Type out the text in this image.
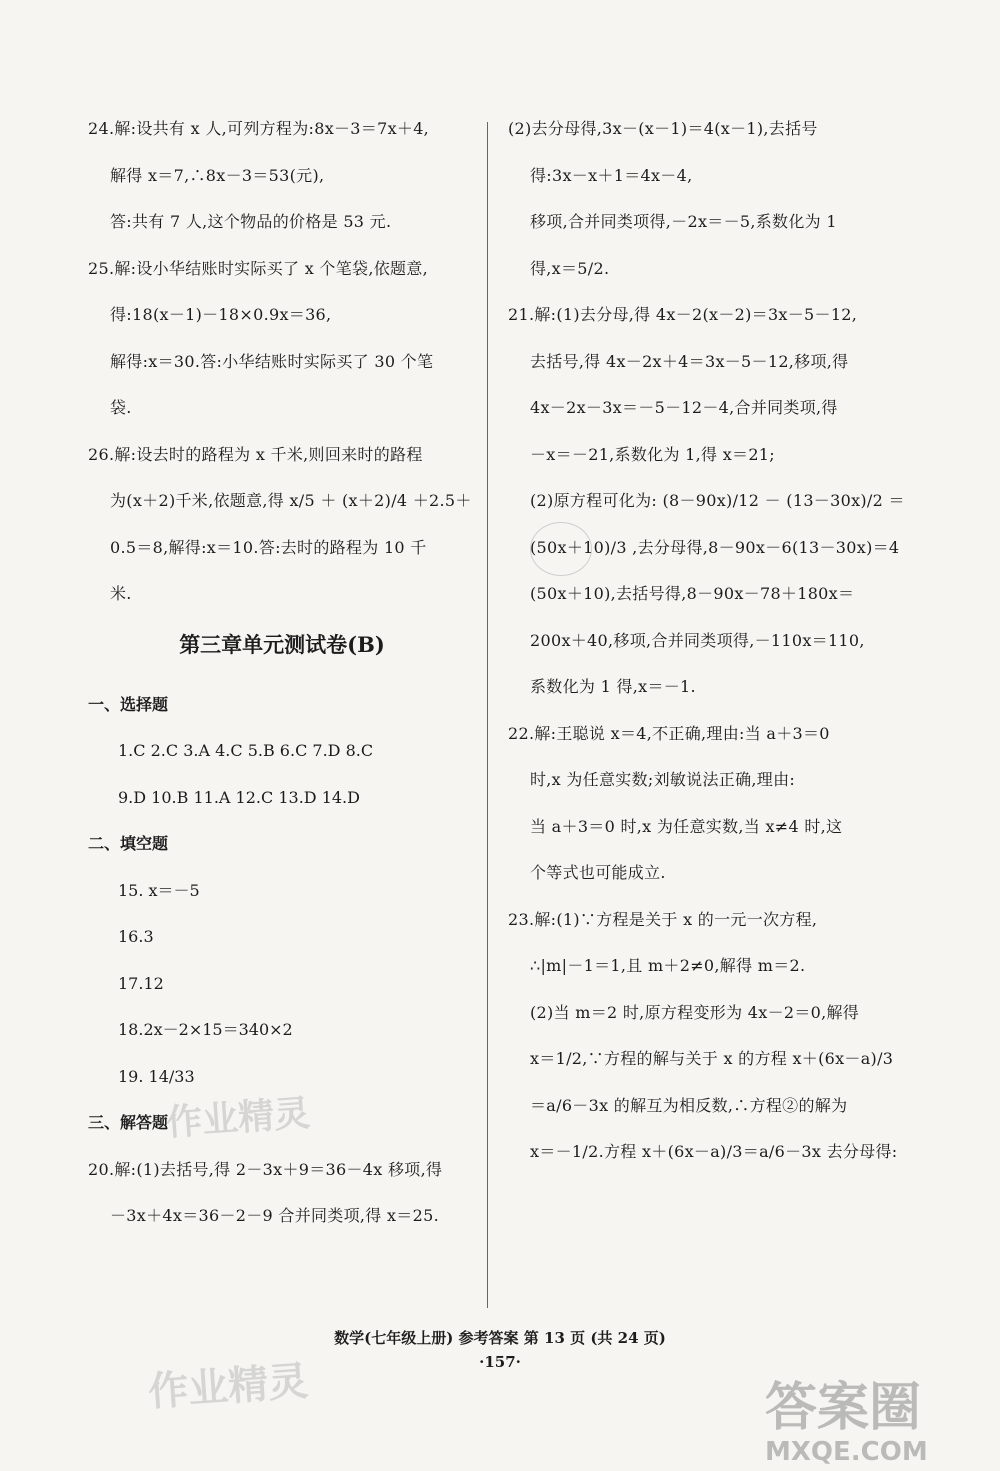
24.解:设共有 x 人,可列方程为:8x－3＝7x＋4,
解得 x＝7,∴8x－3＝53(元),
答:共有 7 人,这个物品的价格是 53 元.
25.解:设小华结账时实际买了 x 个笔袋,依题意,
得:18(x－1)－18×0.9x＝36,
解得:x＝30.答:小华结账时实际买了 30 个笔
袋.
26.解:设去时的路程为 x 千米,则回来时的路程
为(x＋2)千米,依题意,得 x/5 ＋ (x＋2)/4 ＋2.5＋
0.5＝8,解得:x＝10.答:去时的路程为 10 千
米.
第三章单元测试卷(B)
一、选择题
1.C 2.C 3.A 4.C 5.B 6.C 7.D 8.C
9.D 10.B 11.A 12.C 13.D 14.D
二、填空题
15. x＝－5
16.3
17.12
18.2x－2×15＝340×2
19. 14/33
三、解答题
20.解:(1)去括号,得 2－3x＋9＝36－4x 移项,得
－3x＋4x＝36－2－9 合并同类项,得 x＝25.
(2)去分母得,3x－(x－1)＝4(x－1),去括号
得:3x－x＋1＝4x－4,
移项,合并同类项得,－2x＝－5,系数化为 1
得,x＝5/2.
21.解:(1)去分母,得 4x－2(x－2)＝3x－5－12,
去括号,得 4x－2x＋4＝3x－5－12,移项,得
4x－2x－3x＝－5－12－4,合并同类项,得
－x＝－21,系数化为 1,得 x＝21;
(2)原方程可化为: (8－90x)/12 － (13－30x)/2 ＝
(50x＋10)/3 ,去分母得,8－90x－6(13－30x)＝4
(50x＋10),去括号得,8－90x－78＋180x＝
200x＋40,移项,合并同类项得,－110x＝110,
系数化为 1 得,x＝－1.
22.解:王聪说 x＝4,不正确,理由:当 a＋3＝0
时,x 为任意实数;刘敏说法正确,理由:
当 a＋3＝0 时,x 为任意实数,当 x≠4 时,这
个等式也可能成立.
23.解:(1)∵方程是关于 x 的一元一次方程,
∴|m|－1＝1,且 m＋2≠0,解得 m＝2.
(2)当 m＝2 时,原方程变形为 4x－2＝0,解得
x＝1/2,∵方程的解与关于 x 的方程 x＋(6x－a)/3
＝a/6－3x 的解互为相反数,∴方程②的解为
x＝－1/2.方程 x＋(6x－a)/3＝a/6－3x 去分母得:
数学(七年级上册) 参考答案 第 13 页 (共 24 页)
·157·
作业精灵
作业精灵	答案圈
MXQE.COM
